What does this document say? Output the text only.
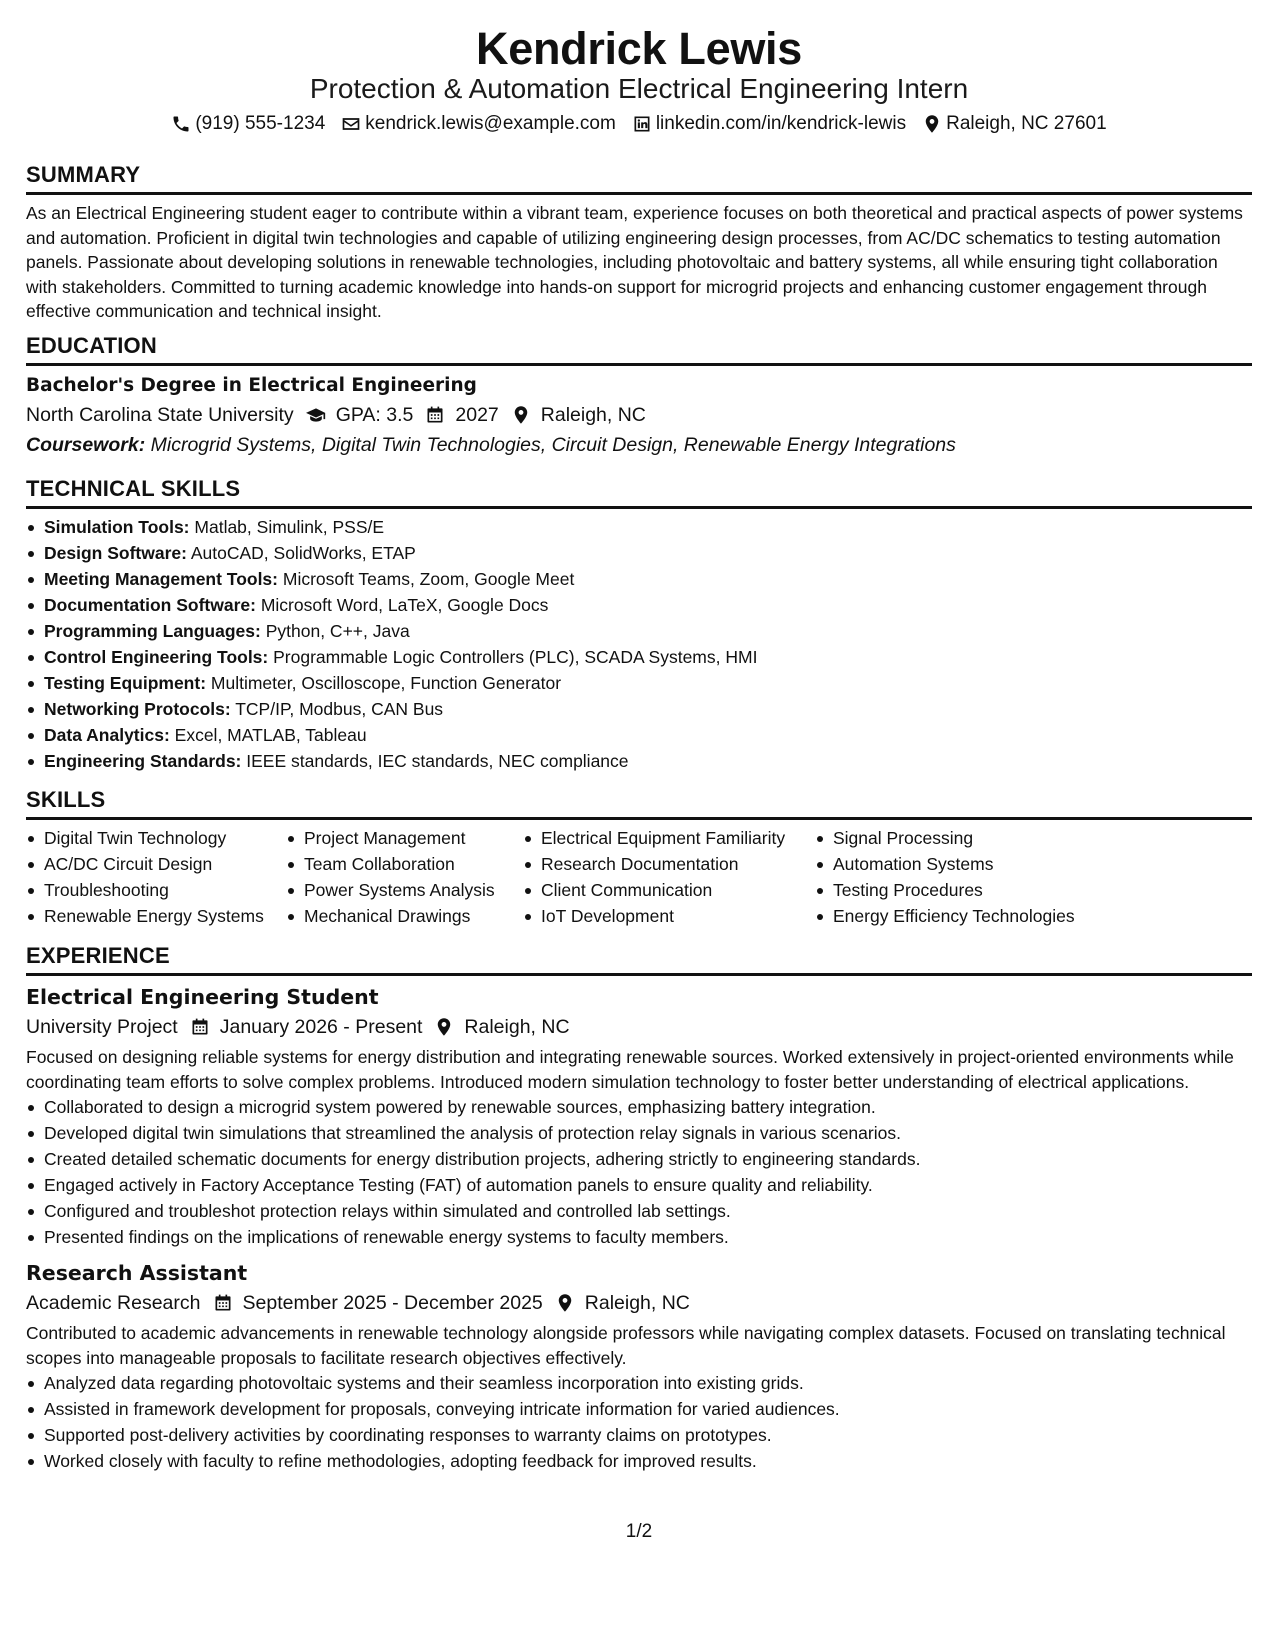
Kendrick Lewis
Protection & Automation Electrical Engineering Intern
(919) 555-1234 kendrick.lewis@example.com linkedin.com/in/kendrick-lewis Raleigh, NC 27601
SUMMARY

As an Electrical Engineering student eager to contribute within a vibrant team, experience focuses on both theoretical and practical aspects of power systems and automation. Proficient in digital twin technologies and capable of utilizing engineering design processes, from AC/DC schematics to testing automation panels. Passionate about developing solutions in renewable technologies, including photovoltaic and battery systems, all while ensuring tight collaboration with stakeholders. Committed to turning academic knowledge into hands-on support for microgrid projects and enhancing customer engagement through effective communication and technical insight.

EDUCATION
Bachelor's Degree in Electrical Engineering
North Carolina State University GPA: 3.5 2027 Raleigh, NC
Coursework: Microgrid Systems, Digital Twin Technologies, Circuit Design, Renewable Energy Integrations
TECHNICAL SKILLS
Simulation Tools: Matlab, Simulink, PSS/E
Design Software: AutoCAD, SolidWorks, ETAP
Meeting Management Tools: Microsoft Teams, Zoom, Google Meet
Documentation Software: Microsoft Word, LaTeX, Google Docs
Programming Languages: Python, C++, Java
Control Engineering Tools: Programmable Logic Controllers (PLC), SCADA Systems, HMI
Testing Equipment: Multimeter, Oscilloscope, Function Generator
Networking Protocols: TCP/IP, Modbus, CAN Bus
Data Analytics: Excel, MATLAB, Tableau
Engineering Standards: IEEE standards, IEC standards, NEC compliance
SKILLS
Digital Twin Technology
AC/DC Circuit Design
Troubleshooting
Renewable Energy Systems
Project Management
Team Collaboration
Power Systems Analysis
Mechanical Drawings
Electrical Equipment Familiarity
Research Documentation
Client Communication
IoT Development
Signal Processing
Automation Systems
Testing Procedures
Energy Efficiency Technologies
EXPERIENCE
Electrical Engineering Student
University Project January 2026 - Present Raleigh, NC

Focused on designing reliable systems for energy distribution and integrating renewable sources. Worked extensively in project-oriented environments while coordinating team efforts to solve complex problems. Introduced modern simulation technology to foster better understanding of electrical applications.

Collaborated to design a microgrid system powered by renewable sources, emphasizing battery integration.
Developed digital twin simulations that streamlined the analysis of protection relay signals in various scenarios.
Created detailed schematic documents for energy distribution projects, adhering strictly to engineering standards.
Engaged actively in Factory Acceptance Testing (FAT) of automation panels to ensure quality and reliability.
Configured and troubleshot protection relays within simulated and controlled lab settings.
Presented findings on the implications of renewable energy systems to faculty members.
Research Assistant
Academic Research September 2025 - December 2025 Raleigh, NC

Contributed to academic advancements in renewable technology alongside professors while navigating complex datasets. Focused on translating technical scopes into manageable proposals to facilitate research objectives effectively.

Analyzed data regarding photovoltaic systems and their seamless incorporation into existing grids.
Assisted in framework development for proposals, conveying intricate information for varied audiences.
Supported post-delivery activities by coordinating responses to warranty claims on prototypes.
Worked closely with faculty to refine methodologies, adopting feedback for improved results.
1/2
